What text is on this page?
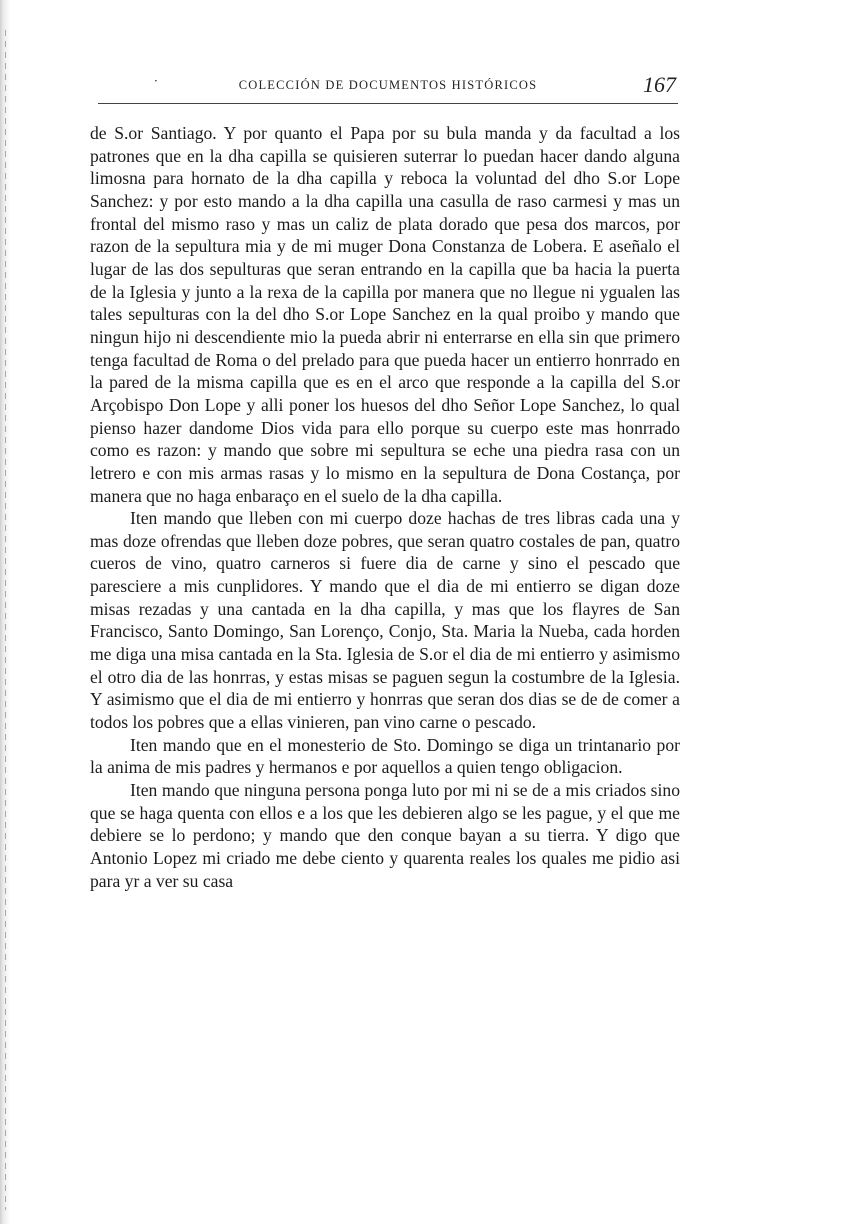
·	COLECCIÓN DE DOCUMENTOS HISTÓRICOS	167

de S.or Santiago. Y por quanto el Papa por su bula manda y da facultad a los patrones que en la dha capilla se quisieren suterrar lo puedan hacer dando alguna limosna para hornato de la dha capilla y reboca la voluntad del dho S.or Lope Sanchez: y por esto mando a la dha capilla una casulla de raso carmesi y mas un frontal del mismo raso y mas un caliz de plata dorado que pesa dos marcos, por razon de la sepultura mia y de mi muger Dona Constanza de Lobera. E aseñalo el lugar de las dos sepulturas que seran entrando en la capilla que ba hacia la puerta de la Iglesia y junto a la rexa de la capilla por manera que no llegue ni ygualen las tales sepulturas con la del dho S.or Lope Sanchez en la qual proibo y mando que ningun hijo ni descendiente mio la pueda abrir ni enterrarse en ella sin que primero tenga facultad de Roma o del prelado para que pueda hacer un entierro honrrado en la pared de la misma capilla que es en el arco que responde a la capilla del S.or Arçobispo Don Lope y alli poner los huesos del dho Señor Lope Sanchez, lo qual pienso hazer dandome Dios vida para ello porque su cuerpo este mas honrrado como es razon: y mando que sobre mi sepultura se eche una piedra rasa con un letrero e con mis armas rasas y lo mismo en la sepultura de Dona Costança, por manera que no haga enbaraço en el suelo de la dha capilla.

Iten mando que lleben con mi cuerpo doze hachas de tres libras cada una y mas doze ofrendas que lleben doze pobres, que seran quatro costales de pan, quatro cueros de vino, quatro carneros si fuere dia de carne y sino el pescado que paresciere a mis cunplidores. Y mando que el dia de mi entierro se digan doze misas rezadas y una cantada en la dha capilla, y mas que los flayres de San Francisco, Santo Domingo, San Lorenço, Conjo, Sta. Maria la Nueba, cada horden me diga una misa cantada en la Sta. Iglesia de S.or el dia de mi entierro y asimismo el otro dia de las honrras, y estas misas se paguen segun la costumbre de la Iglesia. Y asimismo que el dia de mi entierro y honrras que seran dos dias se de de comer a todos los pobres que a ellas vinieren, pan vino carne o pescado.

Iten mando que en el monesterio de Sto. Domingo se diga un trintanario por la anima de mis padres y hermanos e por aquellos a quien tengo obligacion.

Iten mando que ninguna persona ponga luto por mi ni se de a mis criados sino que se haga quenta con ellos e a los que les debieren algo se les pague, y el que me debiere se lo perdono; y mando que den conque bayan a su tierra. Y digo que Antonio Lopez mi criado me debe ciento y quarenta reales los quales me pidio asi para yr a ver su casa
